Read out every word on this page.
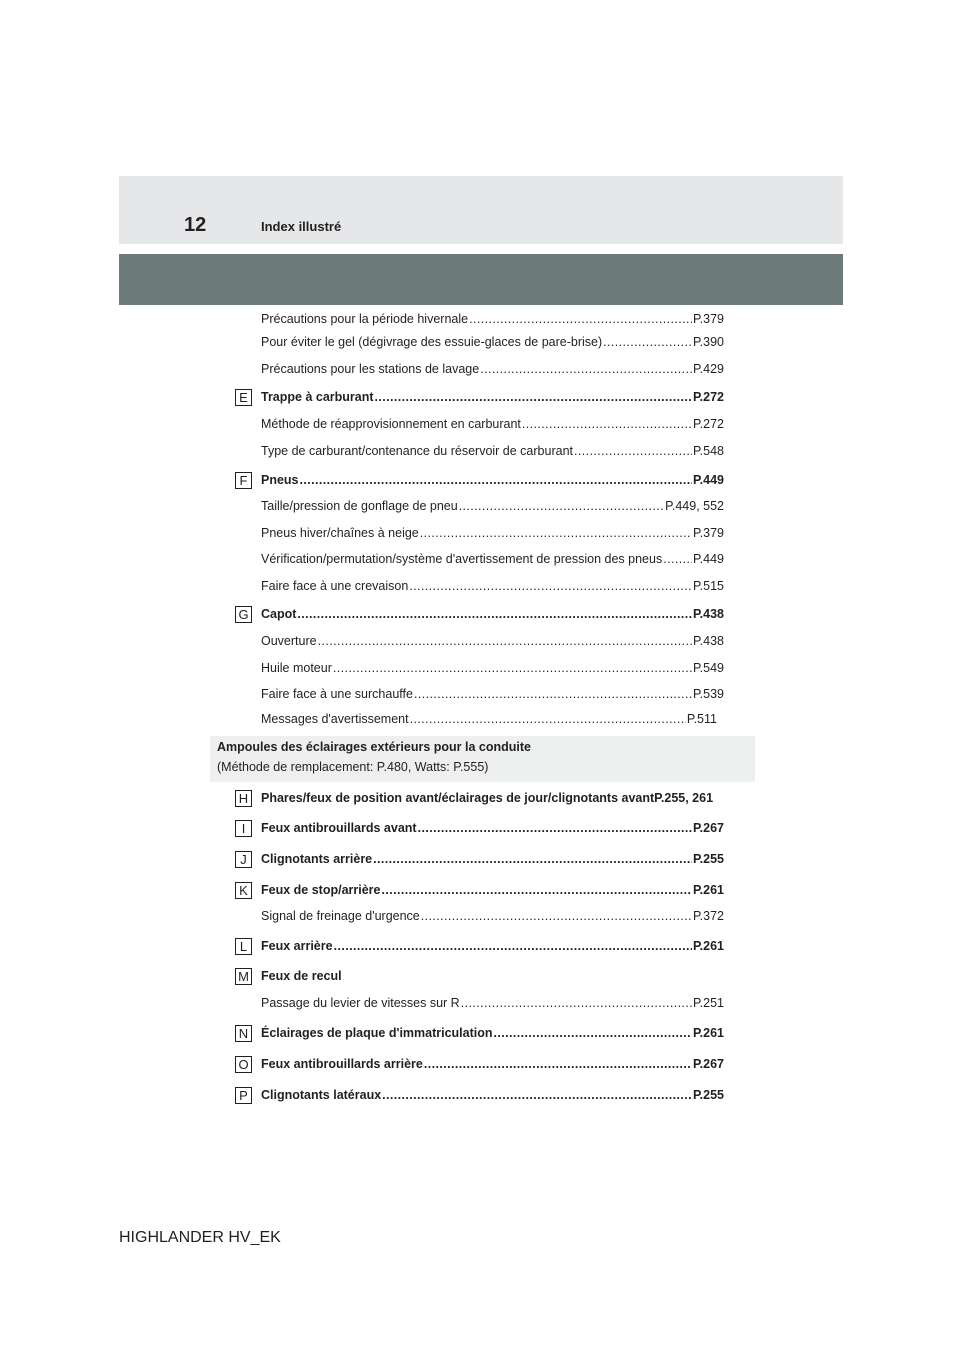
12	Index illustré
Précautions pour la période hivernale .....	P.379
Pour éviter le gel (dégivrage des essuie-glaces de pare-brise) .....	P.390
Précautions pour les stations de lavage .....	P.429
E	Trappe à carburant .....	P.272
Méthode de réapprovisionnement en carburant .....	P.272
Type de carburant/contenance du réservoir de carburant .....	P.548
F	Pneus .....	P.449
Taille/pression de gonflage de pneu .....	P.449, 552
Pneus hiver/chaînes à neige .....	P.379
Vérification/permutation/système d'avertissement de pression des pneus ..... P.449
Faire face à une crevaison .....	P.515
G Capot .....	P.438
Ouverture .....	P.438
Huile moteur .....	P.549
Faire face à une surchauffe .....	P.539
Messages d'avertissement .....	P.511
Ampoules des éclairages extérieurs pour la conduite
(Méthode de remplacement: P.480, Watts: P.555)
H	Phares/feux de position avant/éclairages de jour/clignotants avantP.255, 261
I	Feux antibrouillards avant .....	P.267
J	Clignotants arrière .....	P.255
K	Feux de stop/arrière .....	P.261
Signal de freinage d'urgence .....	P.372
L	Feux arrière .....	P.261
M Feux de recul
Passage du levier de vitesses sur R .....	P.251
N	Éclairages de plaque d'immatriculation .....	P.261
O Feux antibrouillards arrière .....	P.267
P	Clignotants latéraux .....	P.255
HIGHLANDER HV_EK
